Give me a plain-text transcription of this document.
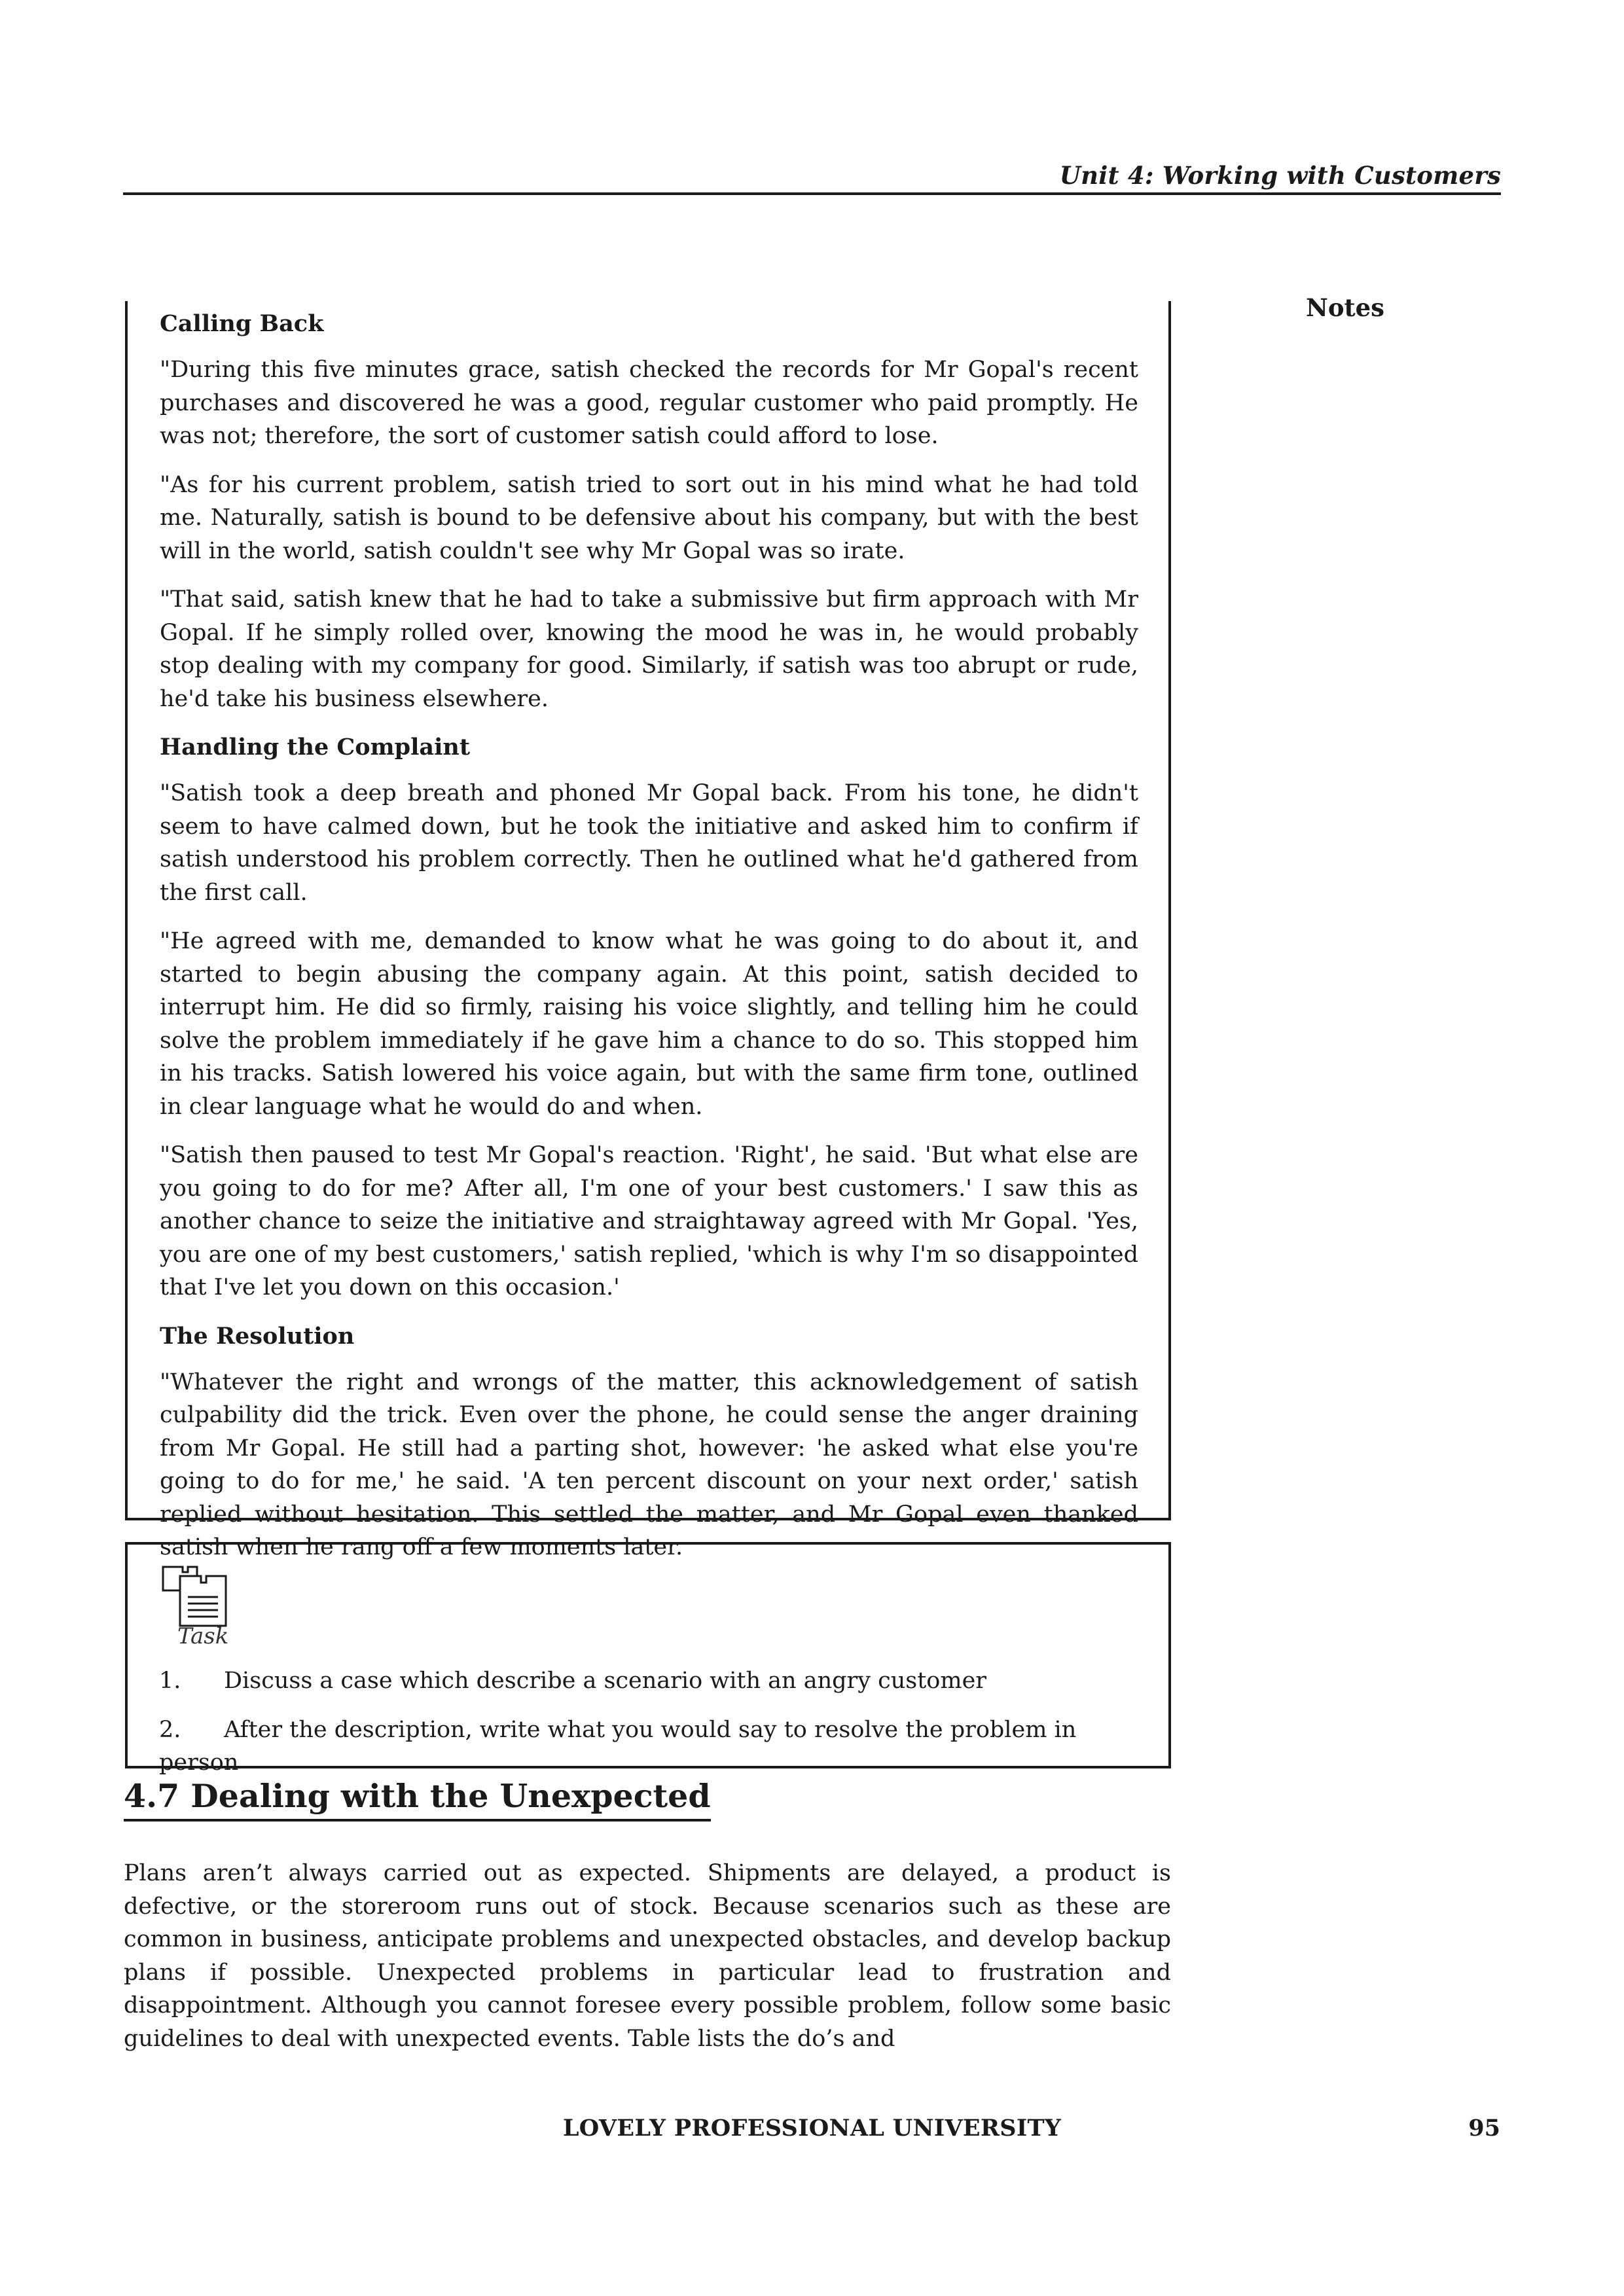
Unit 4: Working with Customers
Notes
Calling Back

"During this five minutes grace, satish checked the records for Mr Gopal's recent purchases and discovered he was a good, regular customer who paid promptly. He was not; therefore, the sort of customer satish could afford to lose.

"As for his current problem, satish tried to sort out in his mind what he had told me. Naturally, satish is bound to be defensive about his company, but with the best will in the world, satish couldn't see why Mr Gopal was so irate.

"That said, satish knew that he had to take a submissive but firm approach with Mr Gopal. If he simply rolled over, knowing the mood he was in, he would probably stop dealing with my company for good. Similarly, if satish was too abrupt or rude, he'd take his business elsewhere.

Handling the Complaint

"Satish took a deep breath and phoned Mr Gopal back. From his tone, he didn't seem to have calmed down, but he took the initiative and asked him to confirm if satish understood his problem correctly. Then he outlined what he'd gathered from the first call.

"He agreed with me, demanded to know what he was going to do about it, and started to begin abusing the company again. At this point, satish decided to interrupt him. He did so firmly, raising his voice slightly, and telling him he could solve the problem immediately if he gave him a chance to do so. This stopped him in his tracks. Satish lowered his voice again, but with the same firm tone, outlined in clear language what he would do and when.

"Satish then paused to test Mr Gopal's reaction. 'Right', he said. 'But what else are you going to do for me? After all, I'm one of your best customers.' I saw this as another chance to seize the initiative and straightaway agreed with Mr Gopal. 'Yes, you are one of my best customers,' satish replied, 'which is why I'm so disappointed that I've let you down on this occasion.'

The Resolution

"Whatever the right and wrongs of the matter, this acknowledgement of satish culpability did the trick. Even over the phone, he could sense the anger draining from Mr Gopal. He still had a parting shot, however: 'he asked what else you're going to do for me,' he said. 'A ten percent discount on your next order,' satish replied without hesitation. This settled the matter, and Mr Gopal even thanked satish when he rang off a few moments later.

Task
1. Discuss a case which describe a scenario with an angry customer
2. After the description, write what you would say to resolve the problem in person
4.7 Dealing with the Unexpected

Plans aren’t always carried out as expected. Shipments are delayed, a product is defective, or the storeroom runs out of stock. Because scenarios such as these are common in business, anticipate problems and unexpected obstacles, and develop backup plans if possible. Unexpected problems in particular lead to frustration and disappointment. Although you cannot foresee every possible problem, follow some basic guidelines to deal with unexpected events. Table lists the do’s and

LOVELY PROFESSIONAL UNIVERSITY	95
